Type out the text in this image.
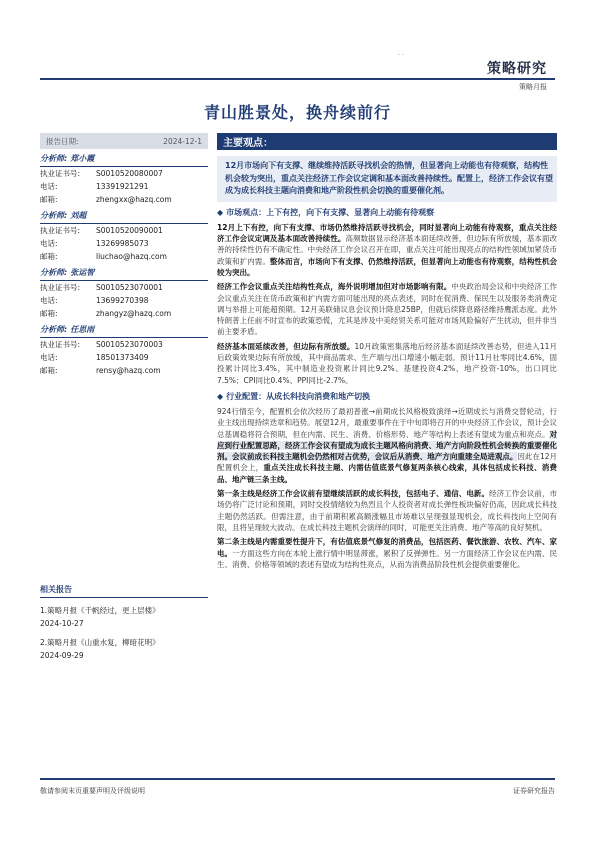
- -
策略研究
策略月报
青山胜景处，换舟续前行
报告日期:	2024-12-1
分析师: 郑小霞
执业证书号:	S0010520080007
电话:	13391921291
邮箱:	zhengxx@hazq.com
分析师: 刘超
执业证书号:	S0010520090001
电话:	13269985073
邮箱:	liuchao@hazq.com
分析师: 张运智
执业证书号:	S0010523070001
电话:	13699270398
邮箱:	zhangyz@hazq.com
分析师: 任思雨
执业证书号:	S0010523070003
电话:	18501373409
邮箱:	rensy@hazq.com
相关报告
1.策略月报《千帆经过，更上层楼》
2024-10-27
2.策略月报《山重水复，柳暗花明》
2024-09-29
主要观点：
12月市场向下有支撑、继续维持活跃寻找机会的热情，但显著向上动能也有待观察，结构性机会较为突出，重点关注经济工作会议定调和基本面改善持续性。配置上，经济工作会议有望成为成长科技主题向消费和地产阶段性机会切换的重要催化剂。
◆ 市场观点：上下有控，向下有支撑、显著向上动能有待观察
12月上下有控，向下有支撑、市场仍然维持活跃寻找机会，同时显著向上动能有待观察，重点关注经济工作会议定调及基本面改善持续性。高频数据显示经济基本面延续改善，但边际有所放缓，基本面改善的持续性仍有不确定性。中央经济工作会议召开在即，重点关注可能出现亮点的结构性领域加紧货币政策和扩内需。整体而言，市场向下有支撑、仍然维持活跃，但显著向上动能也有待观察，结构性机会较为突出。
经济工作会议重点关注结构性亮点，海外说明增加但对市场影响有限。中央政治局会议和中央经济工作会议重点关注在货币政策和扩内需方面可能出现的亮点表述，同时在促消费、保民生以及服务类消费定调与举措上可能超预期。12月美联储议息会议预计降息25BP，但就后续降息路径维持鹰派态度。此外特朗普上任前不时宣布的政策恐慌，尤其是涉及中美经贸关系可能对市场风险偏好产生扰动，但并非当前主要矛盾。
经济基本面延续改善，但边际有所放缓。10月政策密集落地后经济基本面延续改善态势，但进入11月后政策效果边际有所放缓，其中商品需求、生产端与出口增速小幅走弱。预计11月社零同比4.6%，固投累计同比3.4%，其中制造业投资累计同比9.2%、基建投资4.2%、地产投资-10%，出口同比7.5%；CPI同比0.4%、PPI同比-2.7%。
◆ 行业配置：从成长科技向消费和地产切换
924行情至今，配置机会依次经历了最初普涨→前期成长风格极致演绎→近期成长与消费交替轮动，行业主线出现持续迭章和趋势。展望12月，最重要事件在于中旬即将召开的中央经济工作会议，预计会议总基调稳将符合预期，但在内需、民生、消费、价格形势、地产等结构上表述有望成为重点和亮点。对应到行业配置思路，经济工作会议有望成为成长主题风格向消费、地产方向阶段性机会转换的重要催化剂。会议前成长科技主题机会仍然相对占优势，会议后从消费、地产方向重建全局进观点。因此在12月配置机会上，重点关注成长科技主题、内需估值底景气修复两条核心线索，具体包括成长科技、消费品、地产链三条主线。
第一条主线是经济工作会议前有望继续活跃的成长科技，包括电子、通信、电新。经济工作会议前，市场仍将广泛讨论和预期，同时交投情绪较为热烈且个人投资者对成长弹性板块偏好仍高，因此成长科技主题仍然活跃。但需注意，由于前期积累高额涨幅且市场难以呈现强显现机会，成长科技向上空间有限，且将呈现较大波动。在成长科技主题机会演绎的同时，可能更关注消费、地产等高的良好契机。
第二条主线是内需重要性提升下，有估值底景气修复的消费品，包括医药、餐饮旅游、农牧、汽车、家电。一方面这些方向在本轮上涨行情中明显滞涨，累积了反弹弹性。另一方面经济工作会议在内需、民生、消费、价格等领域的表述有望成为结构性亮点，从而为消费品阶段性机会提供重要催化。
敬请参阅末页重要声明及评级说明	证券研究报告
